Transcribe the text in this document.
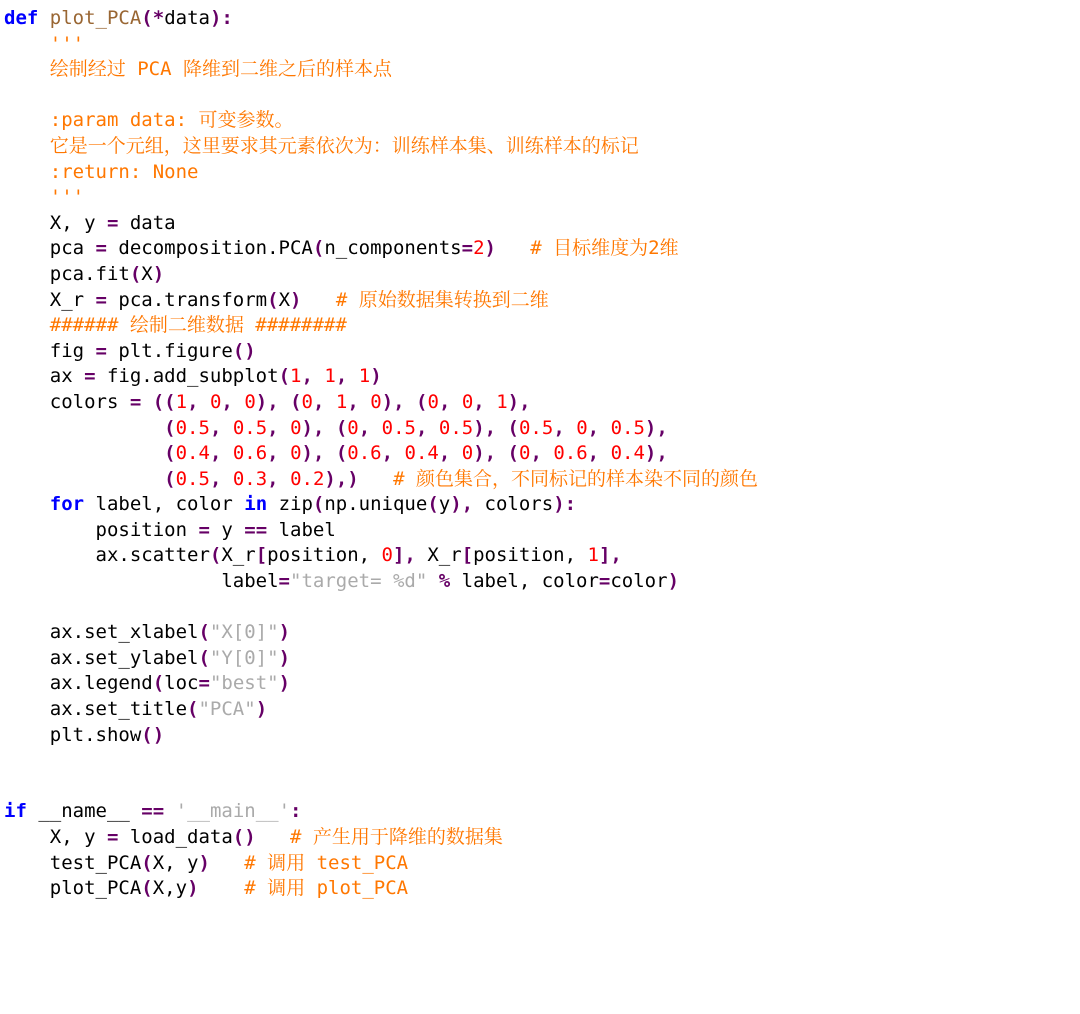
def plot_PCA(*data):
'''
绘制经过 PCA 降维到二维之后的样本点

:param data: 可变参数。
它是一个元组，这里要求其元素依次为：训练样本集、训练样本的标记
:return: None
'''
X, y = data
pca = decomposition.PCA(n_components=2) # 目标维度为2维
pca.fit(X)
X_r = pca.transform(X) # 原始数据集转换到二维
###### 绘制二维数据 ########
fig = plt.figure()
ax = fig.add_subplot(1, 1, 1)
colors = ((1, 0, 0), (0, 1, 0), (0, 0, 1),
(0.5, 0.5, 0), (0, 0.5, 0.5), (0.5, 0, 0.5),
(0.4, 0.6, 0), (0.6, 0.4, 0), (0, 0.6, 0.4),
(0.5, 0.3, 0.2),) # 颜色集合，不同标记的样本染不同的颜色
for label, color in zip(np.unique(y), colors):
position = y == label
ax.scatter(X_r[position, 0], X_r[position, 1],
label="target= %d" % label, color=color)

ax.set_xlabel("X[0]")
ax.set_ylabel("Y[0]")
ax.legend(loc="best")
ax.set_title("PCA")
plt.show()

if __name__ == '__main__':
X, y = load_data() # 产生用于降维的数据集
test_PCA(X, y) # 调用 test_PCA
plot_PCA(X,y) # 调用 plot_PCA
